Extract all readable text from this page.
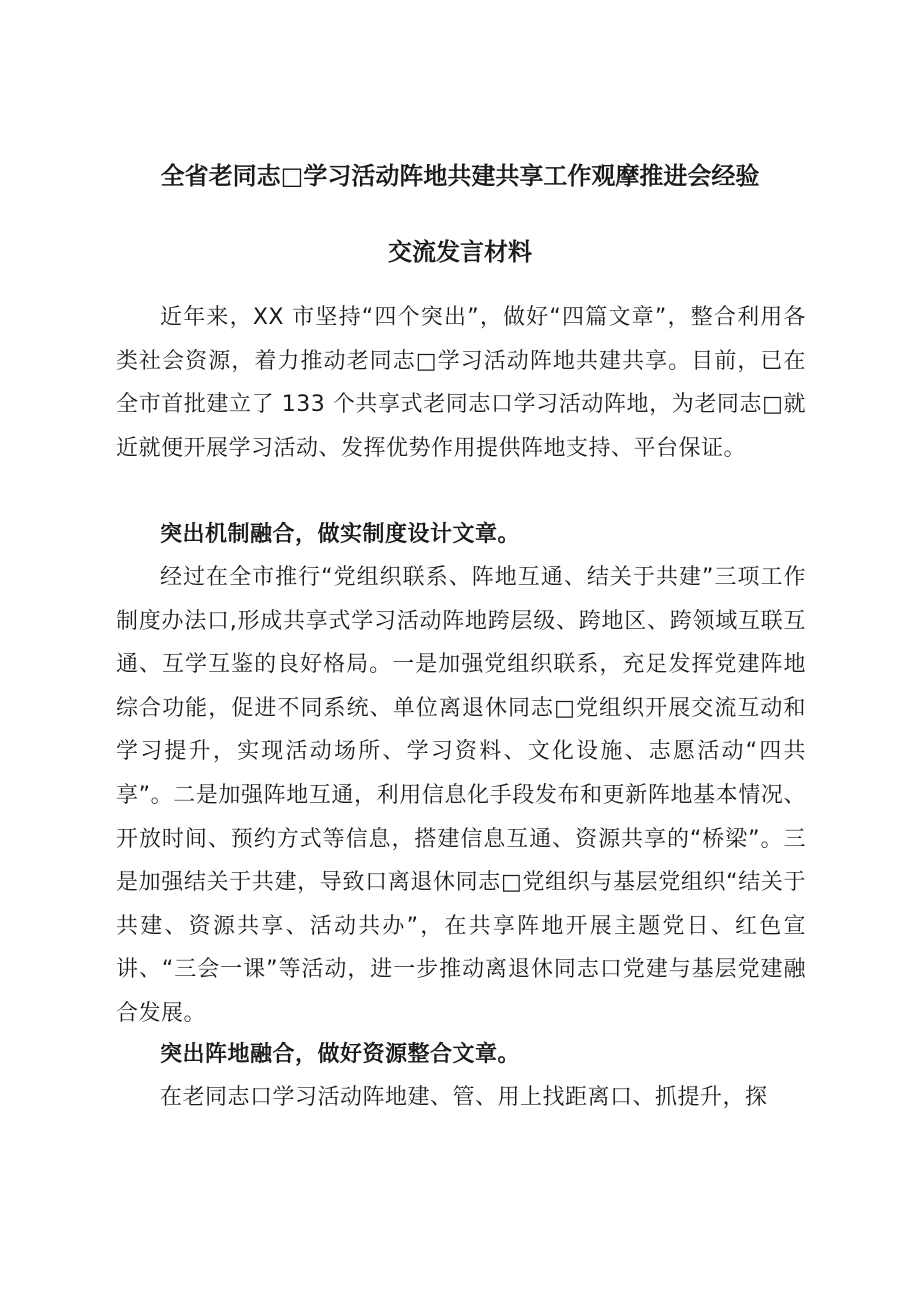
全省老同志□学习活动阵地共建共享工作观摩推进会经验
交流发言材料
近年来，XX 市坚持“四个突出”，做好“四篇文章”，整合利用各类社会资源，着力推动老同志□学习活动阵地共建共享。目前，已在全市首批建立了 133 个共享式老同志口学习活动阵地，为老同志□就近就便开展学习活动、发挥优势作用提供阵地支持、平台保证。
突出机制融合，做实制度设计文章。
经过在全市推行“党组织联系、阵地互通、结关于共建”三项工作制度办法口,形成共享式学习活动阵地跨层级、跨地区、跨领域互联互通、互学互鉴的良好格局。一是加强党组织联系，充足发挥党建阵地综合功能，促进不同系统、单位离退休同志□党组织开展交流互动和学习提升，实现活动场所、学习资料、文化设施、志愿活动“四共享”。二是加强阵地互通，利用信息化手段发布和更新阵地基本情况、开放时间、预约方式等信息，搭建信息互通、资源共享的“桥梁”。三是加强结关于共建，导致口离退休同志□党组织与基层党组织“结关于共建、资源共享、活动共办”，在共享阵地开展主题党日、红色宣讲、“三会一课”等活动，进一步推动离退休同志口党建与基层党建融合发展。
突出阵地融合，做好资源整合文章。
在老同志口学习活动阵地建、管、用上找距离口、抓提升，探
